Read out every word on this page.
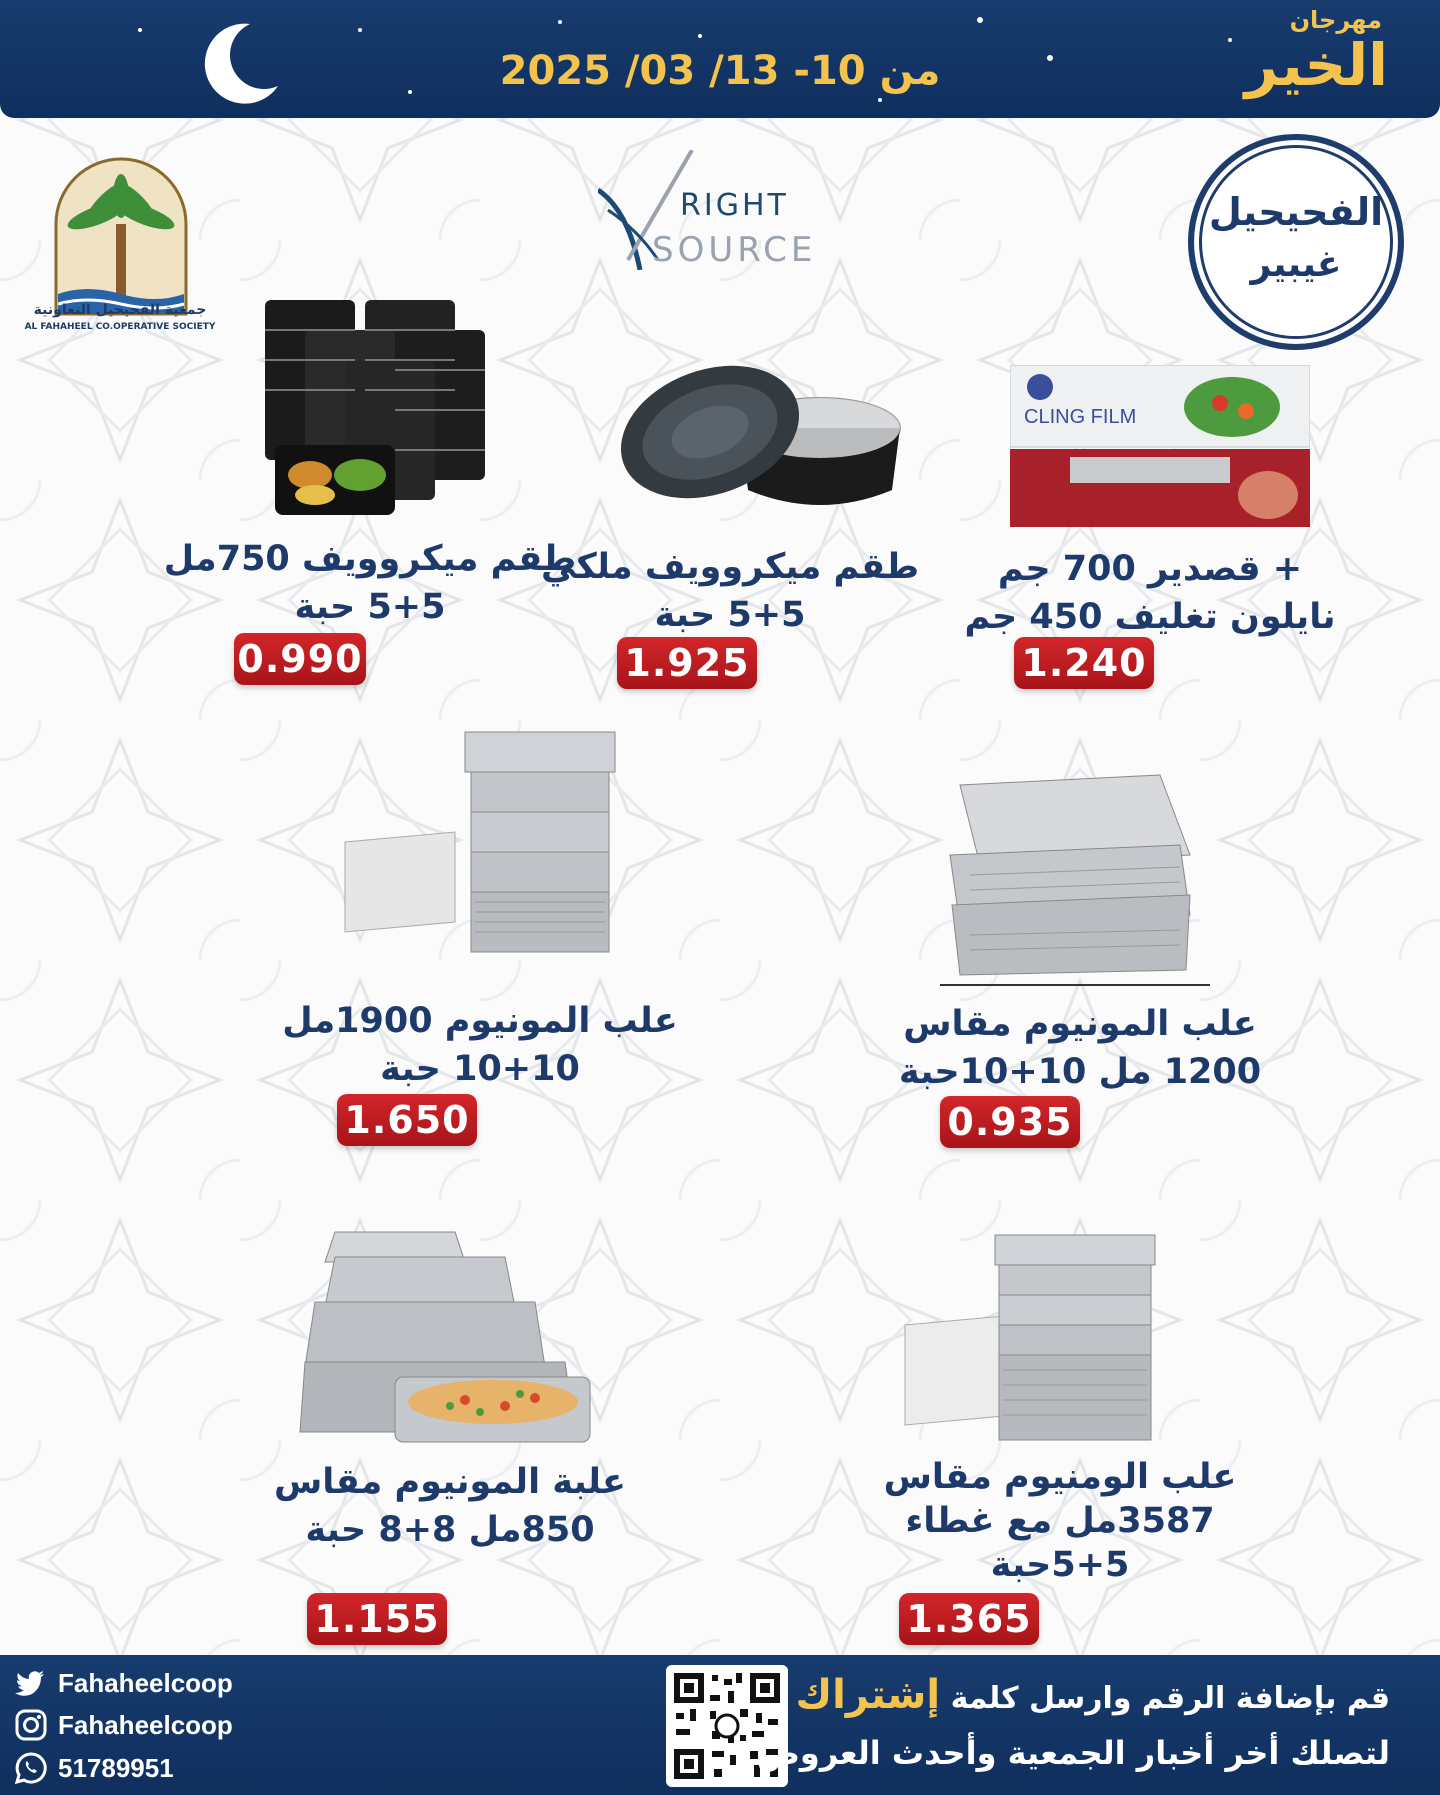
من 10- 13/ 03/ 2025
مهرجان
الخير
الفحيحيل
غيبير
جمعية الفحيحيل التعاونية
AL FAHAHEEL CO.OPERATIVE SOCIETY
RIGHT
SOURCE
طقم ميكروويف 750مل
5+5 حبة
0.990
طقم ميكروويف ملكي
5+5 حبة
1.925
CLING FILM
+ قصدير 700 جم
نايلون تغليف 450 جم
1.240
علب المونيوم 1900مل
10+10 حبة
1.650
علب المونيوم مقاس
1200 مل 10+10حبة
0.935
علبة المونيوم مقاس
850مل 8+8 حبة
1.155
علب الومنيوم مقاس
3587مل مع غطاء
5+5حبة
1.365
Fahaheelcoop
Fahaheelcoop
51789951
قم بإضافة الرقم وارسل كلمة إشتراك
لتصلك أخر أخبار الجمعية وأحدث العروض
